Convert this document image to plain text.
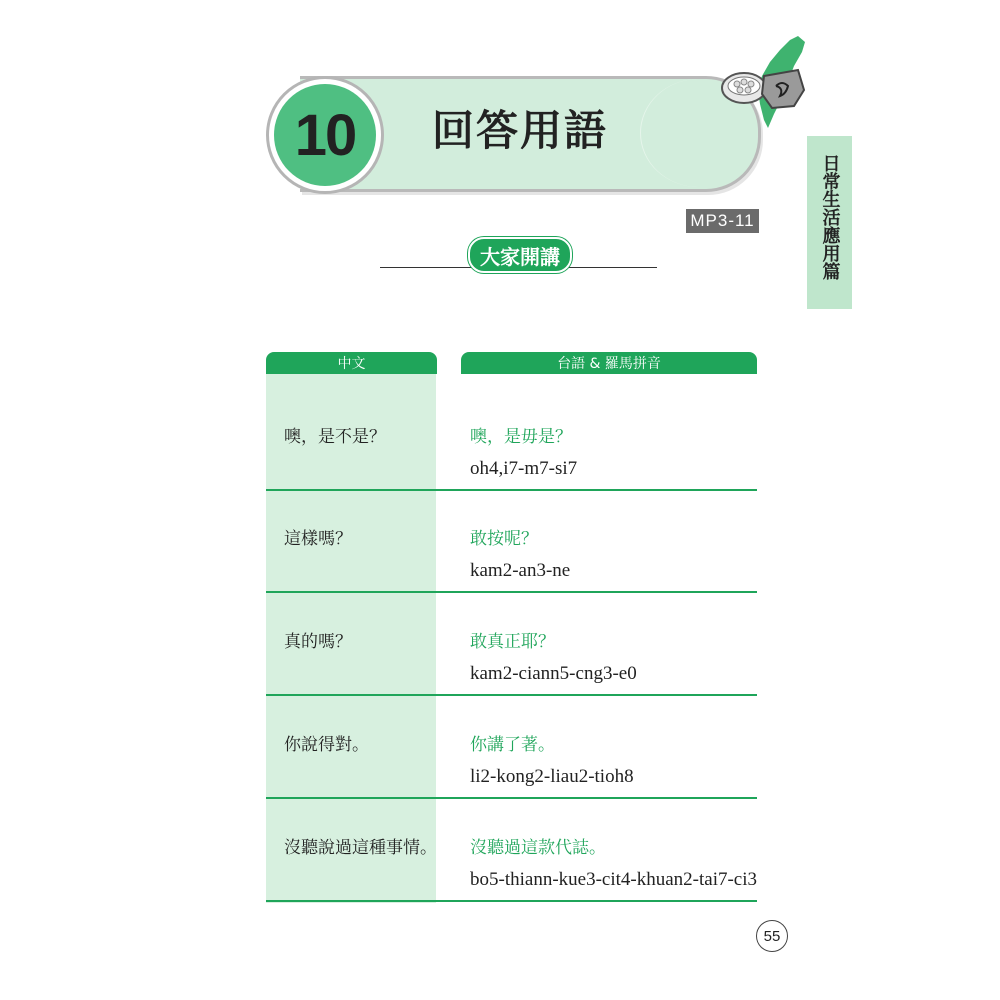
10	回答用語
日常生活應用篇
MP3-11
大家開講
中文	台語 & 羅馬拼音
噢，是不是？	噢，是毋是？
oh4,i7-m7-si7
這樣嗎？	敢按呢？
kam2-an3-ne
真的嗎？	敢真正耶？
kam2-ciann5-cng3-e0
你說得對。	你講了著。
li2-kong2-liau2-tioh8
沒聽說過這種事情。 沒聽過這款代誌。
bo5-thiann-kue3-cit4-khuan2-tai7-ci3
55
